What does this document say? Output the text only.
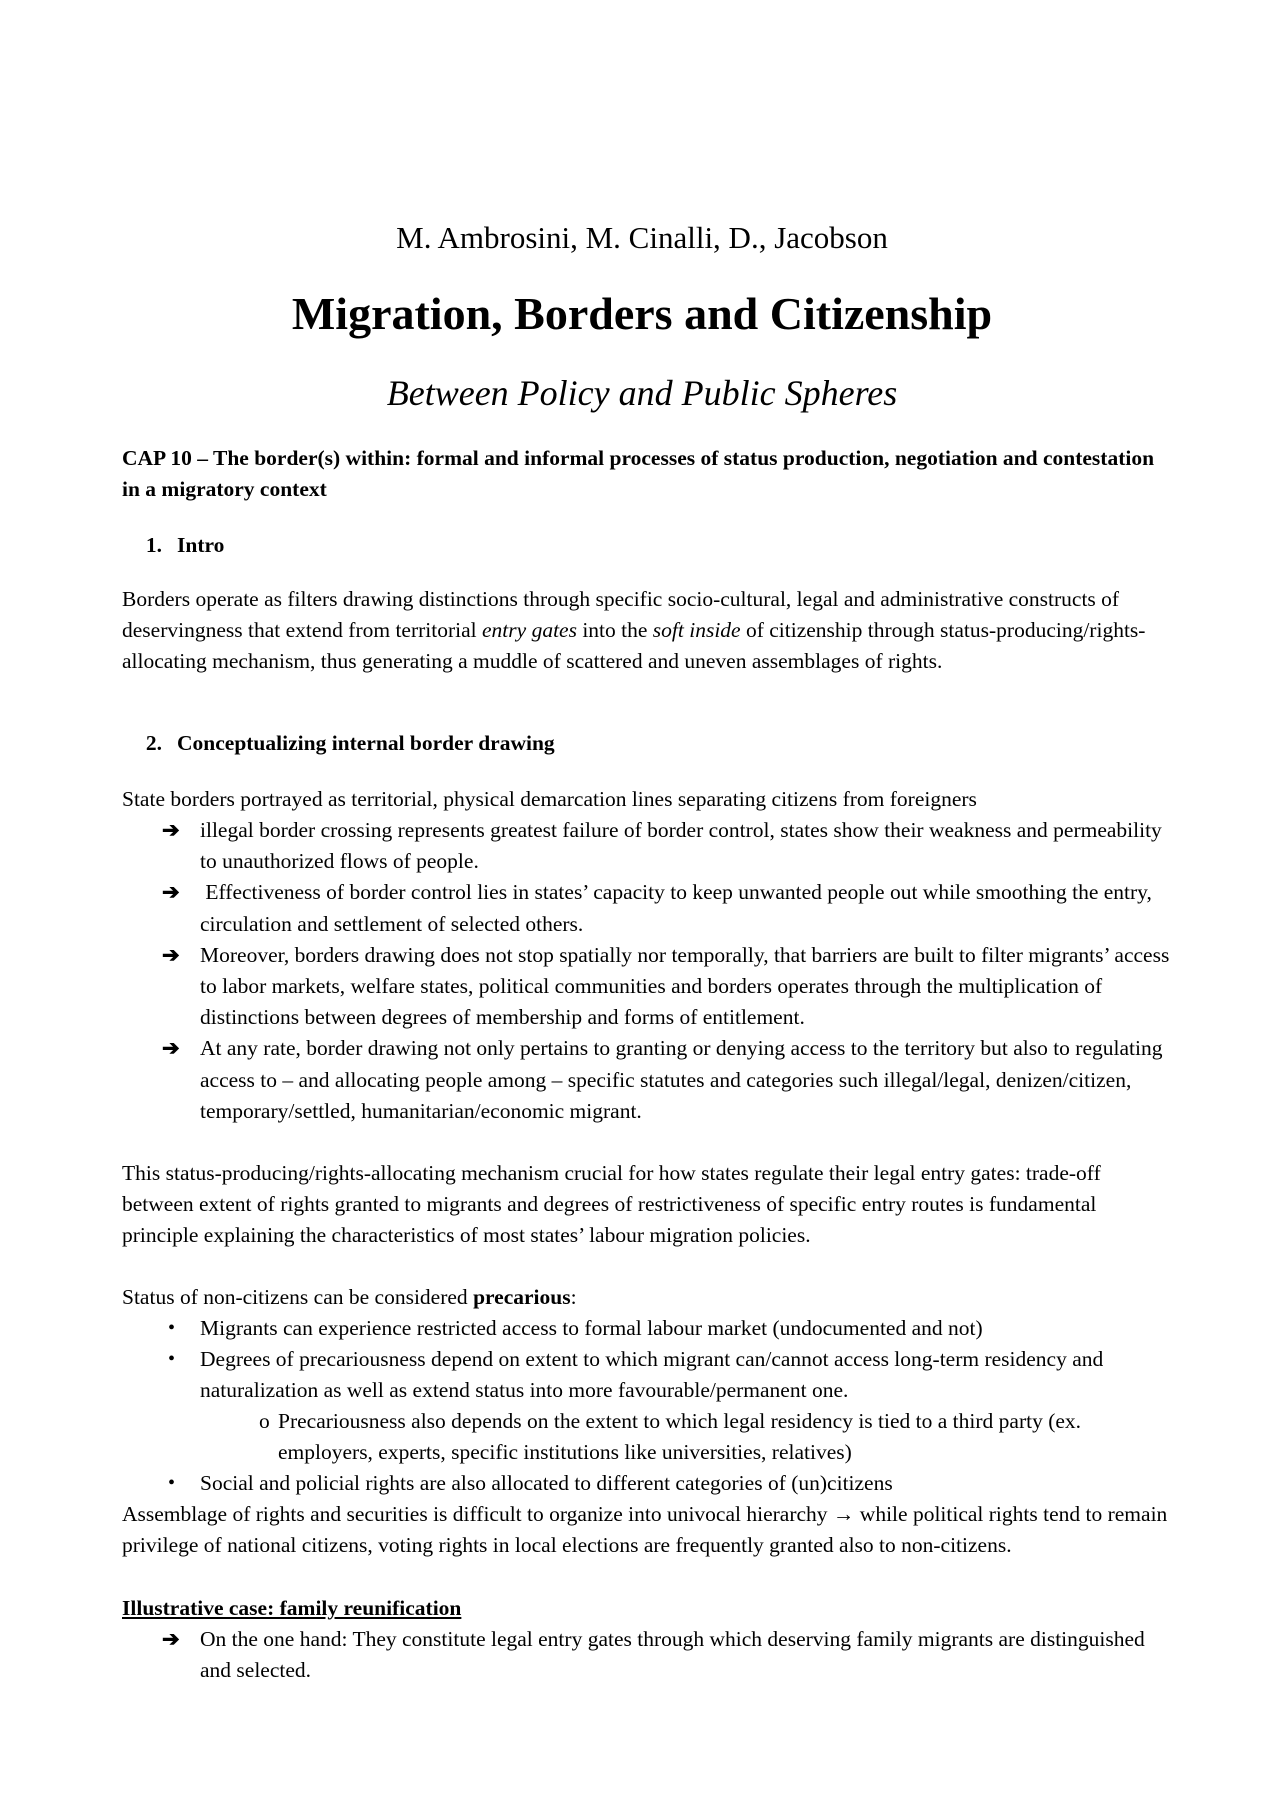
M. Ambrosini, M. Cinalli, D., Jacobson
Migration, Borders and Citizenship
Between Policy and Public Spheres
CAP 10 – The border(s) within: formal and informal processes of status production, negotiation and contestation in a migratory context
1. Intro
Borders operate as filters drawing distinctions through specific socio-cultural, legal and administrative constructs of deservingness that extend from territorial entry gates into the soft inside of citizenship through status-producing/rights-allocating mechanism, thus generating a muddle of scattered and uneven assemblages of rights.
2. Conceptualizing internal border drawing
State borders portrayed as territorial, physical demarcation lines separating citizens from foreigners
➔ illegal border crossing represents greatest failure of border control, states show their weakness and permeability to unauthorized flows of people.
➔ Effectiveness of border control lies in states’ capacity to keep unwanted people out while smoothing the entry, circulation and settlement of selected others.
➔ Moreover, borders drawing does not stop spatially nor temporally, that barriers are built to filter migrants’ access to labor markets, welfare states, political communities and borders operates through the multiplication of distinctions between degrees of membership and forms of entitlement.
➔ At any rate, border drawing not only pertains to granting or denying access to the territory but also to regulating access to – and allocating people among – specific statutes and categories such illegal/legal, denizen/citizen, temporary/settled, humanitarian/economic migrant.
This status-producing/rights-allocating mechanism crucial for how states regulate their legal entry gates: trade-off between extent of rights granted to migrants and degrees of restrictiveness of specific entry routes is fundamental principle explaining the characteristics of most states’ labour migration policies.
Status of non-citizens can be considered precarious:
• Migrants can experience restricted access to formal labour market (undocumented and not)
• Degrees of precariousness depend on extent to which migrant can/cannot access long-term residency and naturalization as well as extend status into more favourable/permanent one.
o Precariousness also depends on the extent to which legal residency is tied to a third party (ex. employers, experts, specific institutions like universities, relatives)
• Social and policial rights are also allocated to different categories of (un)citizens
Assemblage of rights and securities is difficult to organize into univocal hierarchy → while political rights tend to remain privilege of national citizens, voting rights in local elections are frequently granted also to non-citizens.
Illustrative case: family reunification
➔ On the one hand: They constitute legal entry gates through which deserving family migrants are distinguished and selected.
